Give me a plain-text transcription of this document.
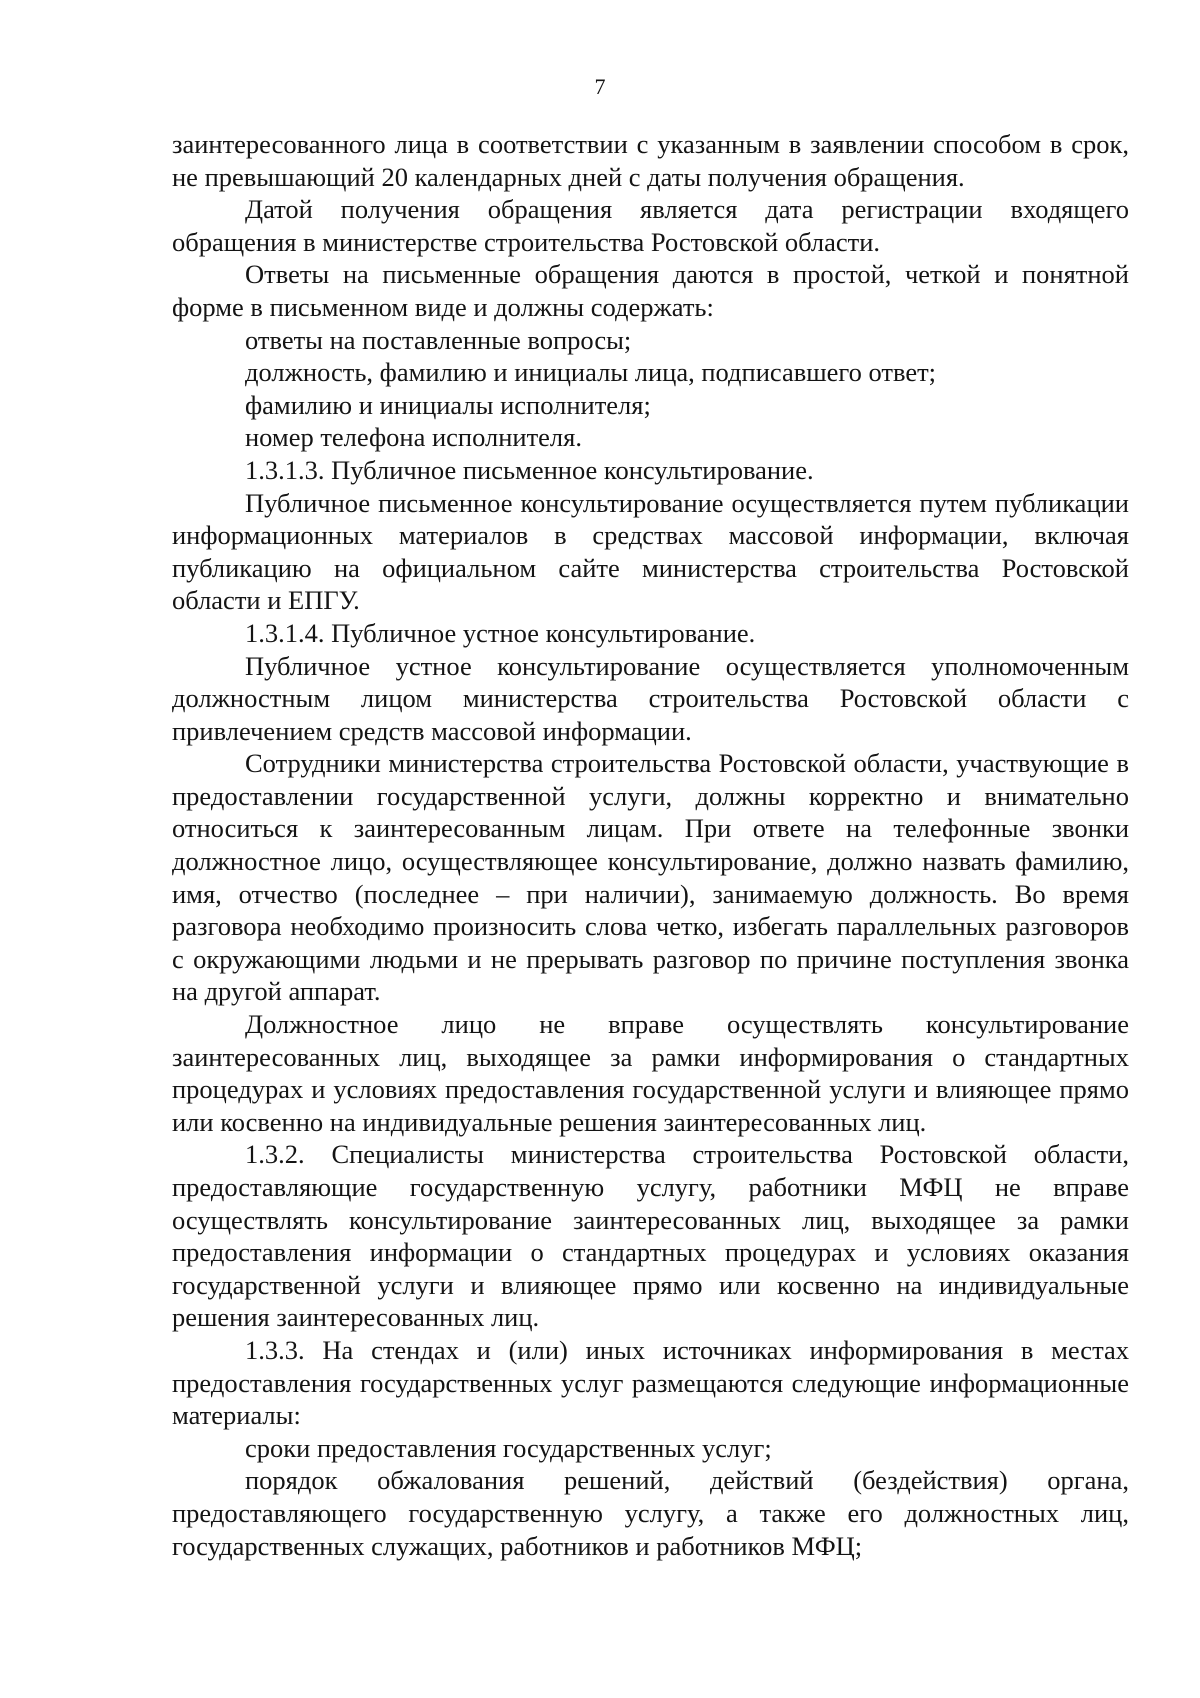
7

заинтересованного лица в соответствии с указанным в заявлении способом в срок, не превышающий 20 календарных дней с даты получения обращения.

Датой получения обращения является дата регистрации входящего обращения в министерстве строительства Ростовской области.

Ответы на письменные обращения даются в простой, четкой и понятной форме в письменном виде и должны содержать:

ответы на поставленные вопросы;

должность, фамилию и инициалы лица, подписавшего ответ;

фамилию и инициалы исполнителя;

номер телефона исполнителя.

1.3.1.3. Публичное письменное консультирование.

Публичное письменное консультирование осуществляется путем публикации информационных материалов в средствах массовой информации, включая публикацию на официальном сайте министерства строительства Ростовской области и ЕПГУ.

1.3.1.4. Публичное устное консультирование.

Публичное устное консультирование осуществляется уполномоченным должностным лицом министерства строительства Ростовской области с привлечением средств массовой информации.

Сотрудники министерства строительства Ростовской области, участвующие в предоставлении государственной услуги, должны корректно и внимательно относиться к заинтересованным лицам. При ответе на телефонные звонки должностное лицо, осуществляющее консультирование, должно назвать фамилию, имя, отчество (последнее – при наличии), занимаемую должность. Во время разговора необходимо произносить слова четко, избегать параллельных разговоров с окружающими людьми и не прерывать разговор по причине поступления звонка на другой аппарат.

Должностное лицо не вправе осуществлять консультирование заинтересованных лиц, выходящее за рамки информирования о стандартных процедурах и условиях предоставления государственной услуги и влияющее прямо или косвенно на индивидуальные решения заинтересованных лиц.

1.3.2. Специалисты министерства строительства Ростовской области, предоставляющие государственную услугу, работники МФЦ не вправе осуществлять консультирование заинтересованных лиц, выходящее за рамки предоставления информации о стандартных процедурах и условиях оказания государственной услуги и влияющее прямо или косвенно на индивидуальные решения заинтересованных лиц.

1.3.3. На стендах и (или) иных источниках информирования в местах предоставления государственных услуг размещаются следующие информационные материалы:

сроки предоставления государственных услуг;

порядок обжалования решений, действий (бездействия) органа, предоставляющего государственную услугу, а также его должностных лиц, государственных служащих, работников и работников МФЦ;
